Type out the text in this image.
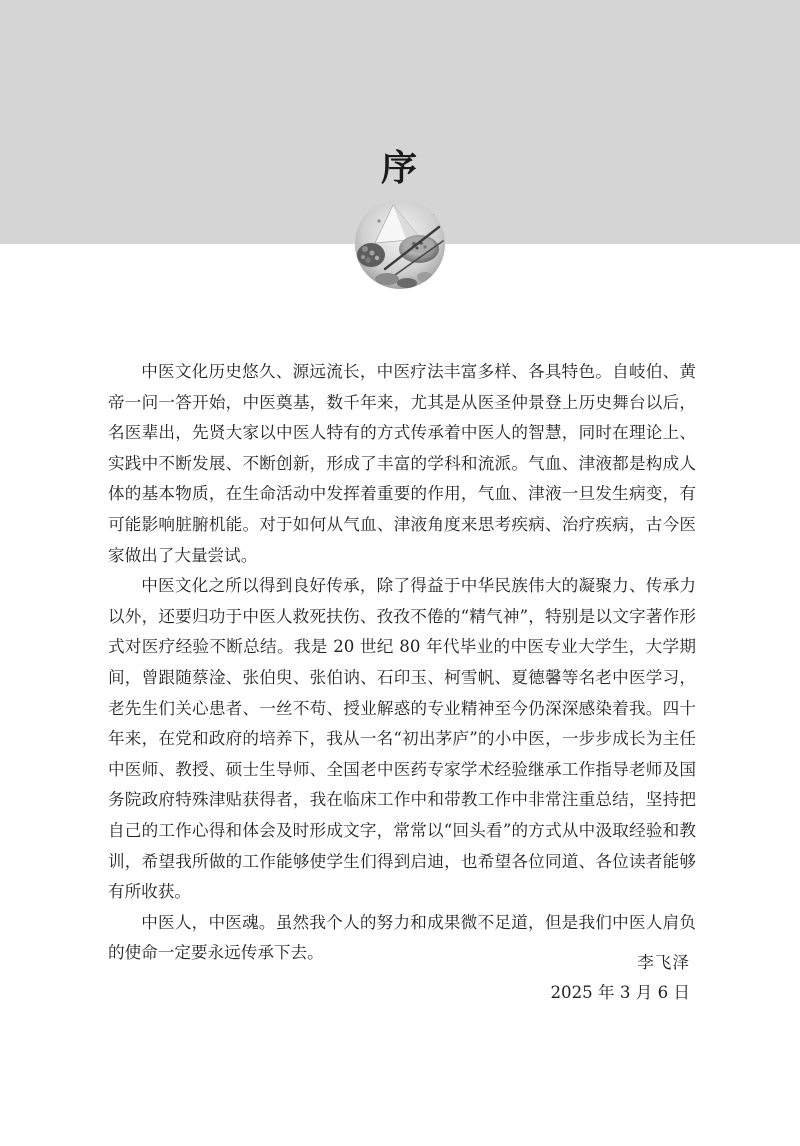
序

中医文化历史悠久、源远流长，中医疗法丰富多样、各具特色。自岐伯、黄帝一问一答开始，中医奠基，数千年来，尤其是从医圣仲景登上历史舞台以后，名医辈出，先贤大家以中医人特有的方式传承着中医人的智慧，同时在理论上、实践中不断发展、不断创新，形成了丰富的学科和流派。气血、津液都是构成人体的基本物质，在生命活动中发挥着重要的作用，气血、津液一旦发生病变，有可能影响脏腑机能。对于如何从气血、津液角度来思考疾病、治疗疾病，古今医家做出了大量尝试。

中医文化之所以得到良好传承，除了得益于中华民族伟大的凝聚力、传承力以外，还要归功于中医人救死扶伤、孜孜不倦的“精气神”，特别是以文字著作形式对医疗经验不断总结。我是 20 世纪 80 年代毕业的中医专业大学生，大学期间，曾跟随蔡淦、张伯臾、张伯讷、石印玉、柯雪帆、夏德馨等名老中医学习，老先生们关心患者、一丝不苟、授业解惑的专业精神至今仍深深感染着我。四十年来，在党和政府的培养下，我从一名“初出茅庐”的小中医，一步步成长为主任中医师、教授、硕士生导师、全国老中医药专家学术经验继承工作指导老师及国务院政府特殊津贴获得者，我在临床工作中和带教工作中非常注重总结，坚持把自己的工作心得和体会及时形成文字，常常以“回头看”的方式从中汲取经验和教训，希望我所做的工作能够使学生们得到启迪，也希望各位同道、各位读者能够有所收获。

中医人，中医魂。虽然我个人的努力和成果微不足道，但是我们中医人肩负的使命一定要永远传承下去。

李飞泽
2025 年 3 月 6 日
